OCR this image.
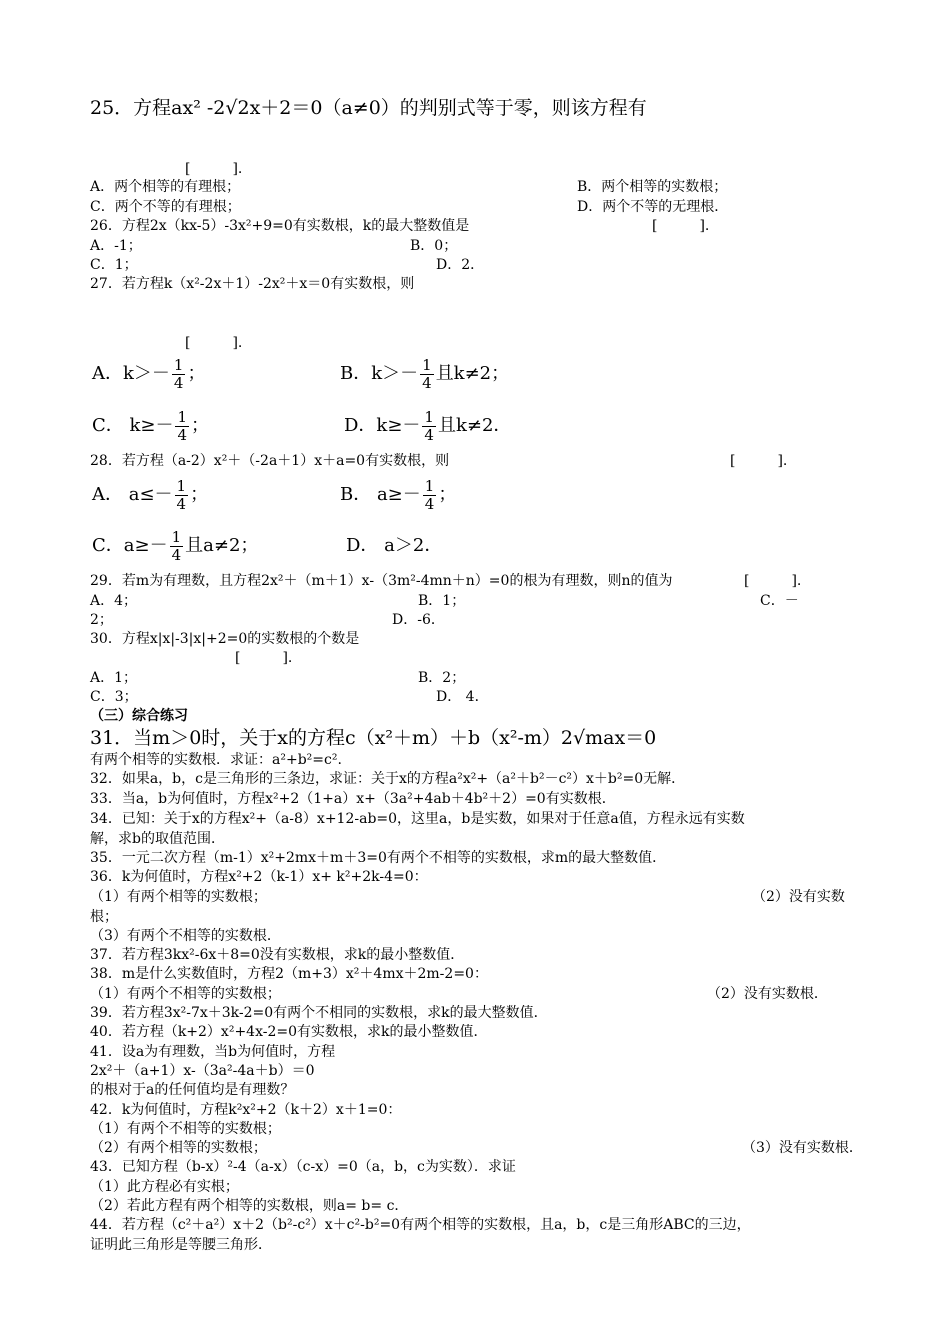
25．方程ax² -2√2x＋2＝0（a≠0）的判别式等于零，则该方程有
[　　　].
A．两个相等的有理根；	B．两个相等的实数根；
C．两个不等的有理根；	D．两个不等的无理根．
26．方程2x（kx-5）-3x²+9=0有实数根，k的最大整数值是	[　　　].
A．-1；	B．0；
C．1；	D．2．
27．若方程k（x²-2x＋1）-2x²＋x＝0有实数根，则
[　　　].
A．$k>- \frac{1}{4}$ ；	B．$k>- \frac{1}{4}$ 且k≠2；
C． $k\ge- \frac{1}{4}$ ；	D．$k\ge- \frac{1}{4}$ 且k≠2．
28．若方程（a-2）x²＋（-2a＋1）x＋a=0有实数根，则	[　　　].
A． $a\le- \frac{1}{4}$ ；	B． $a\ge- \frac{1}{4}$ ；
C．$a\ge- \frac{1}{4}$ 且a≠2；	D． a＞2．
29．若m为有理数，且方程2x²＋（m＋1）x-（3m²-4mn＋n）=0的根为有理数，则n的值为	[　　　].
A．4；	B．1；	C．－
2；	D．-6．
30．方程x|x|-3|x|+2=0的实数根的个数是
[　　　].
A．1；	B．2；
C．3；	D． 4．
（三）综合练习
31．当m＞0时，关于x的方程c（x²＋m）＋b（x²-m）2√max＝0
有两个相等的实数根．求证：a²+b²=c².
32．如果a，b，c是三角形的三条边，求证：关于x的方程a²x²+（a²＋b²－c²）x＋b²=0无解．
33．当a，b为何值时，方程x²+2（1+a）x+（3a²+4ab＋4b²＋2）=0有实数根．
34．已知：关于x的方程x²+（a-8）x+12-ab=0，这里a，b是实数，如果对于任意a值，方程永远有实数
解，求b的取值范围．
35．一元二次方程（m-1）x²+2mx＋m＋3=0有两个不相等的实数根，求m的最大整数值．
36．k为何值时，方程x²+2（k-1）x+ k²+2k-4=0：
（1）有两个相等的实数根；	（2）没有实数
根；
（3）有两个不相等的实数根．
37．若方程3kx²-6x＋8=0没有实数根，求k的最小整数值．
38．m是什么实数值时，方程2（m+3）x²＋4mx＋2m-2=0：
（1）有两个不相等的实数根；	（2）没有实数根．
39．若方程3x²-7x＋3k-2=0有两个不相同的实数根，求k的最大整数值．
40．若方程（k+2）x²+4x-2=0有实数根，求k的最小整数值．
41．设a为有理数，当b为何值时，方程
2x²＋（a+1）x-（3a²-4a＋b）＝0
的根对于a的任何值均是有理数？
42．k为何值时，方程k²x²+2（k＋2）x＋1=0：
（1）有两个不相等的实数根；
（2）有两个相等的实数根；	（3）没有实数根．
43．已知方程（b-x）²-4（a-x）（c-x）=0（a，b，c为实数）．求证
（1）此方程必有实根；
（2）若此方程有两个相等的实数根，则a= b= c．
44．若方程（c²＋a²）x＋2（b²-c²）x＋c²-b²=0有两个相等的实数根，且a，b，c是三角形ABC的三边，
证明此三角形是等腰三角形．
